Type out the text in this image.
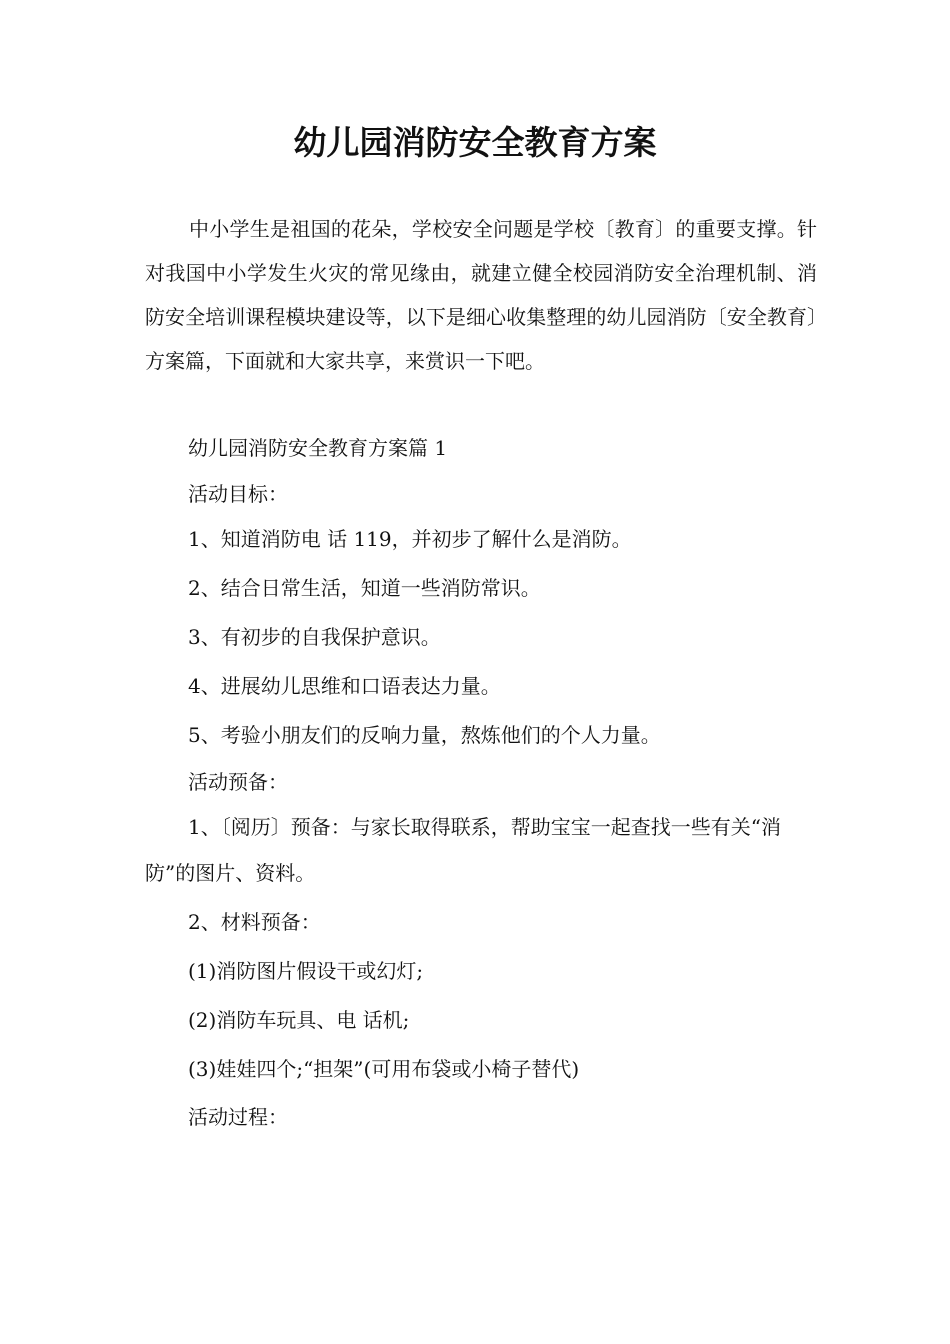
幼儿园消防安全教育方案

中小学生是祖国的花朵，学校安全问题是学校〔教育〕的重要支撑。针对我国中小学发生火灾的常见缘由，就建立健全校园消防安全治理机制、消防安全培训课程模块建设等，以下是细心收集整理的幼儿园消防〔安全教育〕方案篇，下面就和大家共享，来赏识一下吧。

幼儿园消防安全教育方案篇 1

活动目标：

1、知道消防电 话 119，并初步了解什么是消防。

2、结合日常生活，知道一些消防常识。

3、有初步的自我保护意识。

4、进展幼儿思维和口语表达力量。

5、考验小朋友们的反响力量，熬炼他们的个人力量。

活动预备：

1、〔阅历〕预备：与家长取得联系，帮助宝宝一起查找一些有关“消防”的图片、资料。

2、材料预备：

(1)消防图片假设干或幻灯;

(2)消防车玩具、电 话机;

(3)娃娃四个;“担架”(可用布袋或小椅子替代)

活动过程：
